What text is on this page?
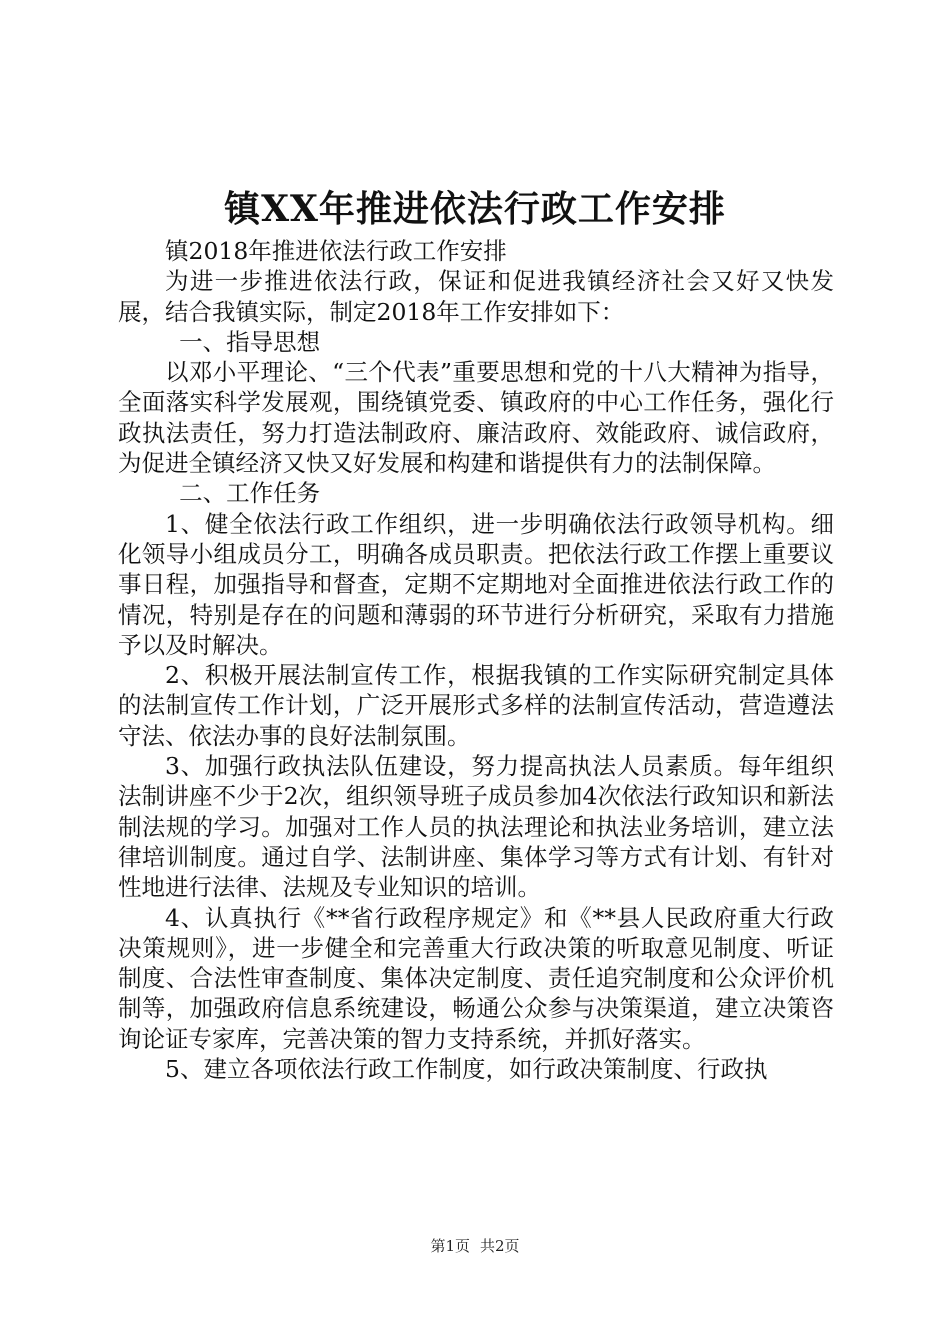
镇XX年推进依法行政工作安排

镇2018年推进依法行政工作安排

为进一步推进依法行政，保证和促进我镇经济社会又好又快发展，结合我镇实际，制定2018年工作安排如下：

一、指导思想

以邓小平理论、“三个代表”重要思想和党的十八大精神为指导，全面落实科学发展观，围绕镇党委、镇政府的中心工作任务，强化行政执法责任，努力打造法制政府、廉洁政府、效能政府、诚信政府，为促进全镇经济又快又好发展和构建和谐提供有力的法制保障。

二、工作任务

1、健全依法行政工作组织，进一步明确依法行政领导机构。细化领导小组成员分工，明确各成员职责。把依法行政工作摆上重要议事日程，加强指导和督查，定期不定期地对全面推进依法行政工作的情况，特别是存在的问题和薄弱的环节进行分析研究，采取有力措施予以及时解决。

2、积极开展法制宣传工作，根据我镇的工作实际研究制定具体的法制宣传工作计划，广泛开展形式多样的法制宣传活动，营造遵法守法、依法办事的良好法制氛围。

3、加强行政执法队伍建设，努力提高执法人员素质。每年组织法制讲座不少于2次，组织领导班子成员参加4次依法行政知识和新法制法规的学习。加强对工作人员的执法理论和执法业务培训，建立法律培训制度。通过自学、法制讲座、集体学习等方式有计划、有针对性地进行法律、法规及专业知识的培训。

4、认真执行《**省行政程序规定》和《**县人民政府重大行政决策规则》，进一步健全和完善重大行政决策的听取意见制度、听证制度、合法性审查制度、集体决定制度、责任追究制度和公众评价机制等，加强政府信息系统建设，畅通公众参与决策渠道，建立决策咨询论证专家库，完善决策的智力支持系统，并抓好落实。

5、建立各项依法行政工作制度，如行政决策制度、行政执

第1页 共2页
